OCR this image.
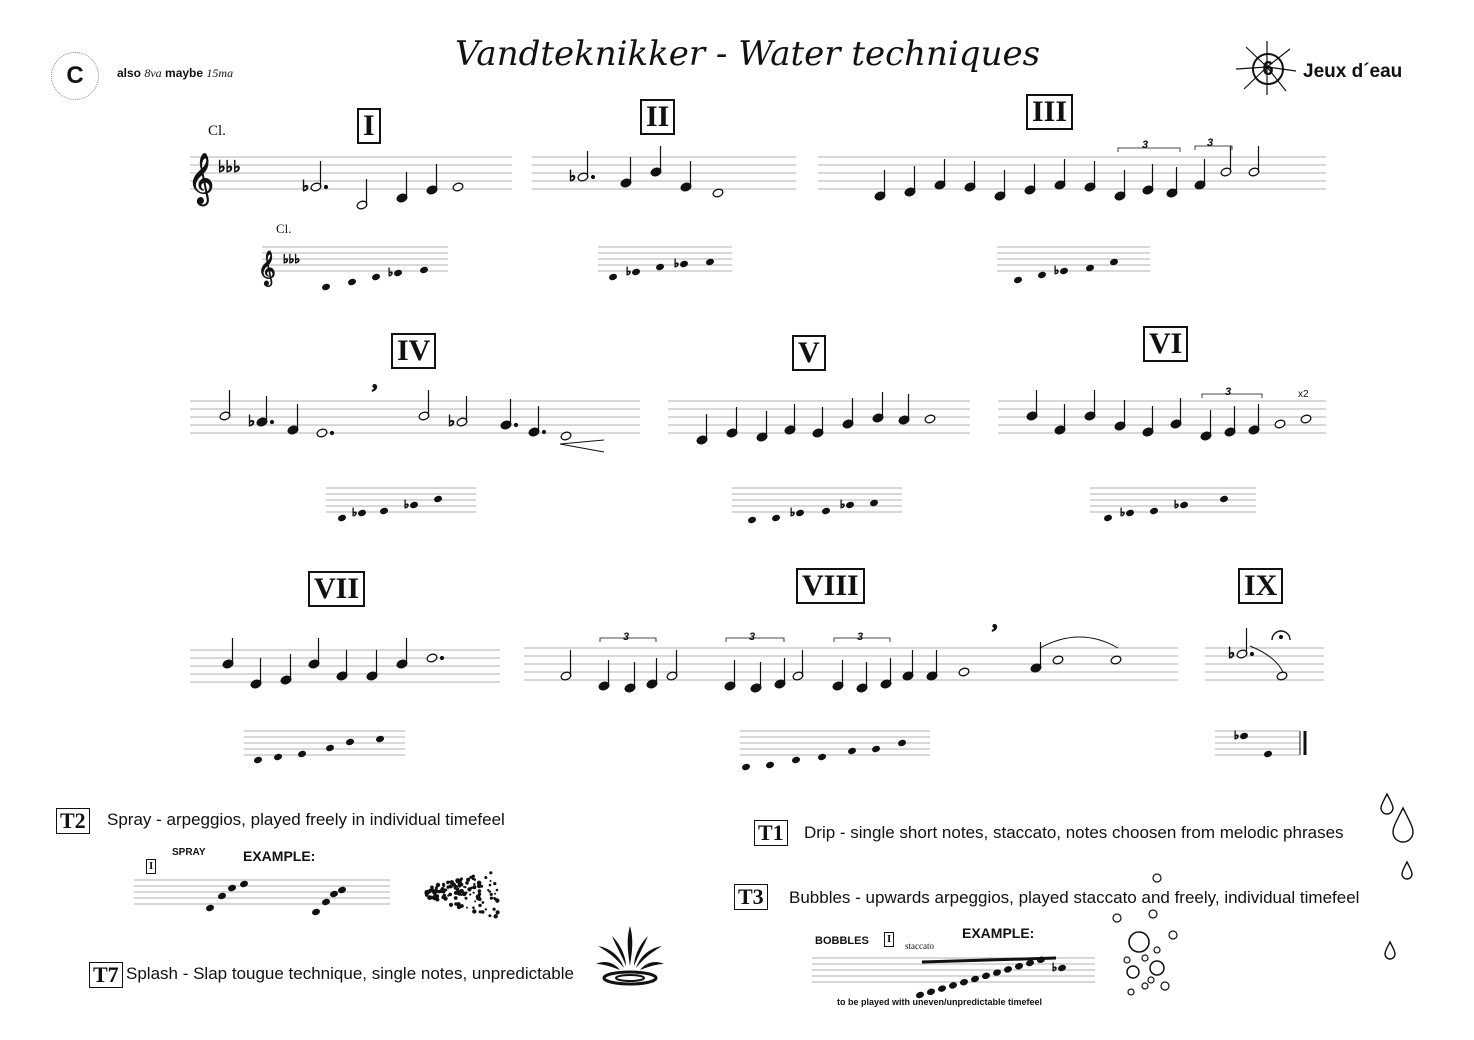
C	also 8va maybe 15ma	Vandteknikker - Water techniques	6 Jeux d´eau
I	II	III
IV	V	VI
VII	VIII	IX
Cl.
Cl.
𝄞 ♭♭♭
♭
♭
𝄞 ♭♭♭
♭	♭
♭
♭
♭	♭
,
♭
♭
♭
♭
♭
♭
,
♭
♭
♭
3	3
3	x2
3	3	3
T2 Spray - arpeggios, played freely in individual timefeel
I
SPRAY	EXAMPLE:
T1 Drip - single short notes, staccato, notes choosen from melodic phrases
T3 Bubbles - upwards arpeggios, played staccato and freely, individual timefeel
BOBBLES I
staccato
EXAMPLE:
to be played with uneven/unpredictable timefeel
T7 Splash - Slap tougue technique, single notes, unpredictable
